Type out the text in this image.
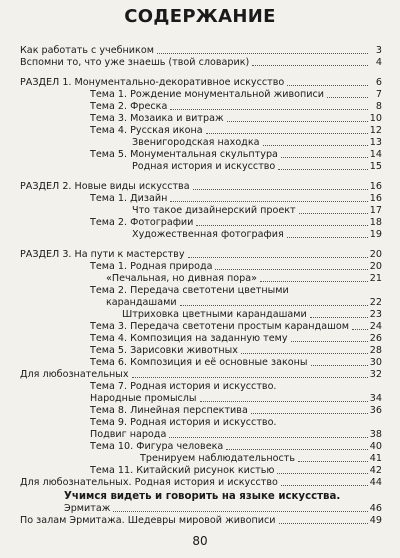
СОДЕРЖАНИЕ
Как работать с учебником	3
Вспомни то, что уже знаешь (твой словарик)	4
РАЗДЕЛ 1. Монументально-декоративное искусство	6
Тема 1. Рождение монументальной живописи	7
Тема 2. Фреска	8
Тема 3. Мозаика и витраж	10
Тема 4. Русская икона	12
Звенигородская находка	13
Тема 5. Монументальная скульптура	14
Родная история и искусство	15
РАЗДЕЛ 2. Новые виды искусства	16
Тема 1. Дизайн	16
Что такое дизайнерский проект	17
Тема 2. Фотографии	18
Художественная фотография	19
РАЗДЕЛ 3. На пути к мастерству	20
Тема 1. Родная природа	20
«Печальная, но дивная пора»	21
Тема 2. Передача светотени цветными
карандашами	22
Штриховка цветными карандашами	23
Тема 3. Передача светотени простым карандашом 24
Тема 4. Композиция на заданную тему	26
Тема 5. Зарисовки животных	28
Тема 6. Композиция и её основные законы	30
Для любознательных	32
Тема 7. Родная история и искусство.
Народные промыслы	34
Тема 8. Линейная перспектива	36
Тема 9. Родная история и искусство.
Подвиг народа	38
Тема 10. Фигура человека	40
Тренируем наблюдательность	41
Тема 11. Китайский рисунок кистью	42
Для любознательных. Родная история и искусство	44
Учимся видеть и говорить на языке искусства.
Эрмитаж	46
По залам Эрмитажа. Шедевры мировой живописи	49
80
